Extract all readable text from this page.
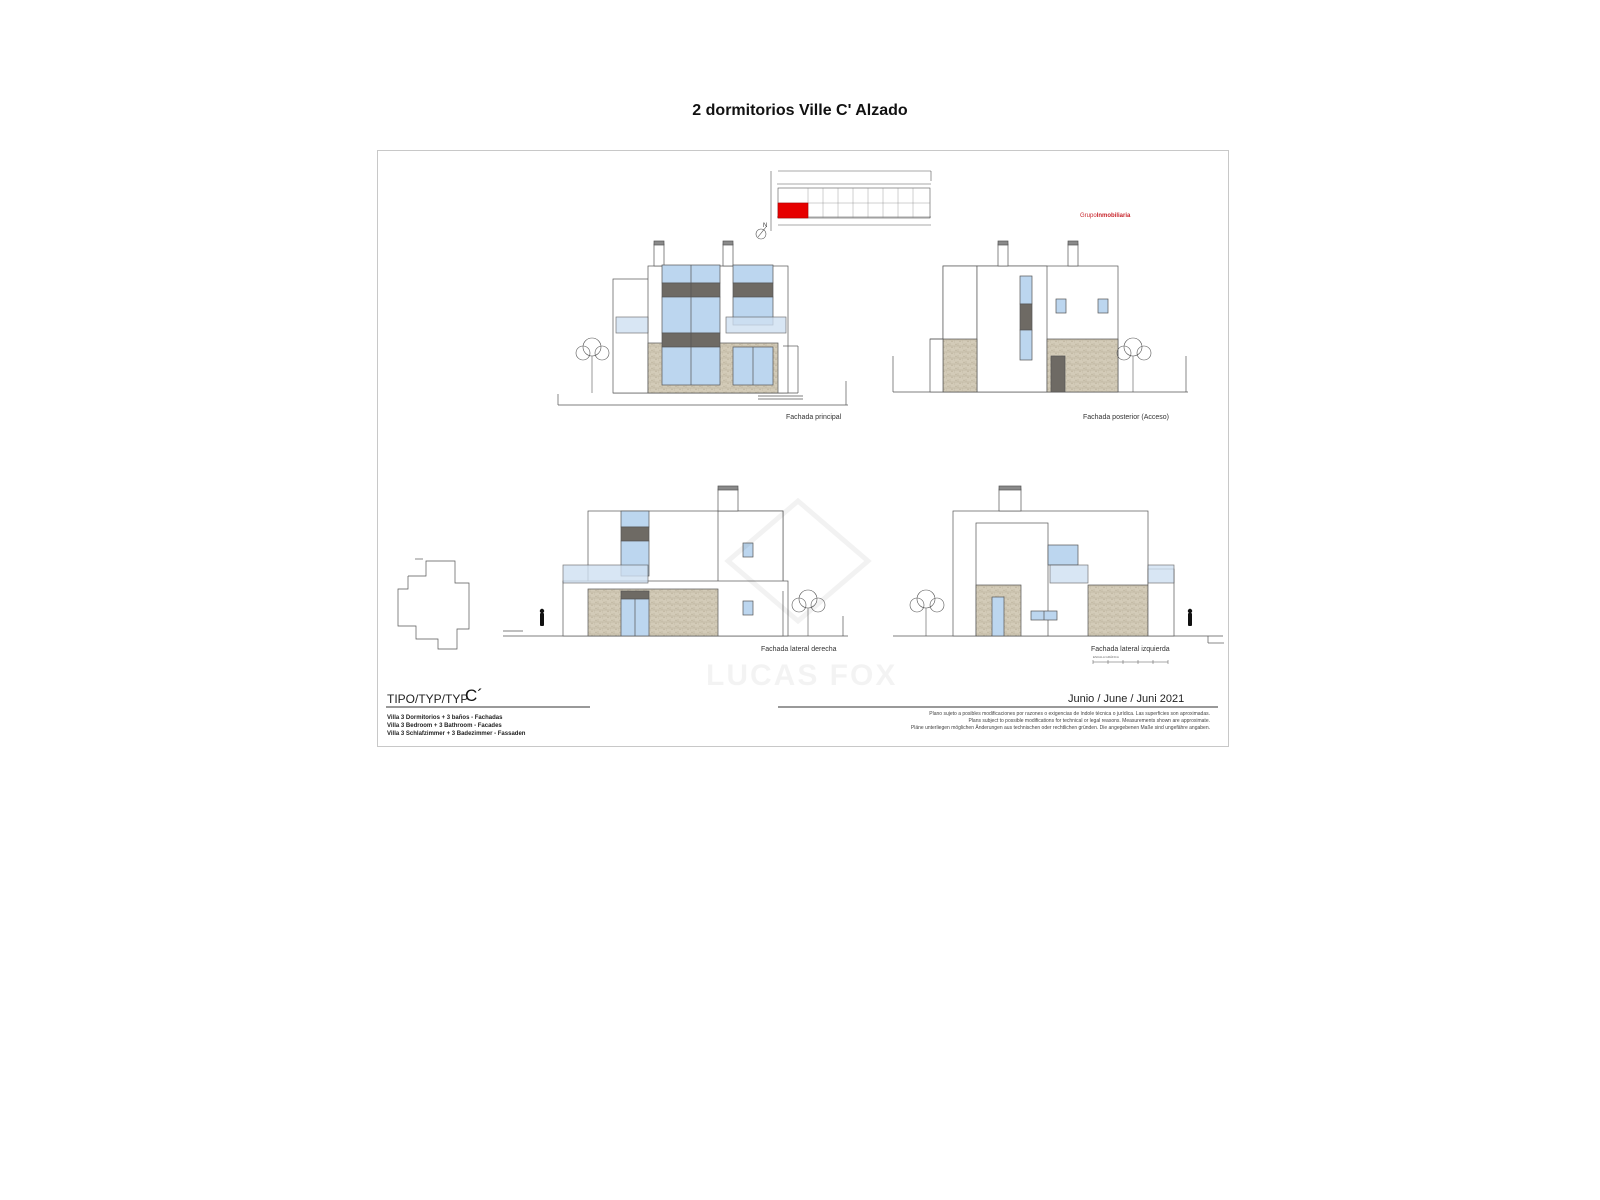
2 dormitorios Ville C' Alzado
N
GrupoInmobiliaria
Fachada principal	Fachada posterior (Acceso)
Fachada lateral derecha	Fachada lateral izquierda
ESCALA GRÁFICA
TIPO/TYP/TYP
C´
Villa 3 Dormitorios + 3 baños - Fachadas
Villa 3 Bedroom + 3 Bathroom - Facades
Villa 3 Schlafzimmer + 3 Badezimmer - Fassaden
Junio / June / Juni 2021
Plano sujeto a posibles modificaciones por razones o exigencias de índole técnica o jurídica. Las superficies son aproximadas.
Plans subject to possible modifications for technical or legal reasons. Measurements shown are approximate.
Pläne unterliegen möglichen Änderungen aus technischen oder rechtlichen gründen. Die angegebenen Maße sind ungefähre angaben.
